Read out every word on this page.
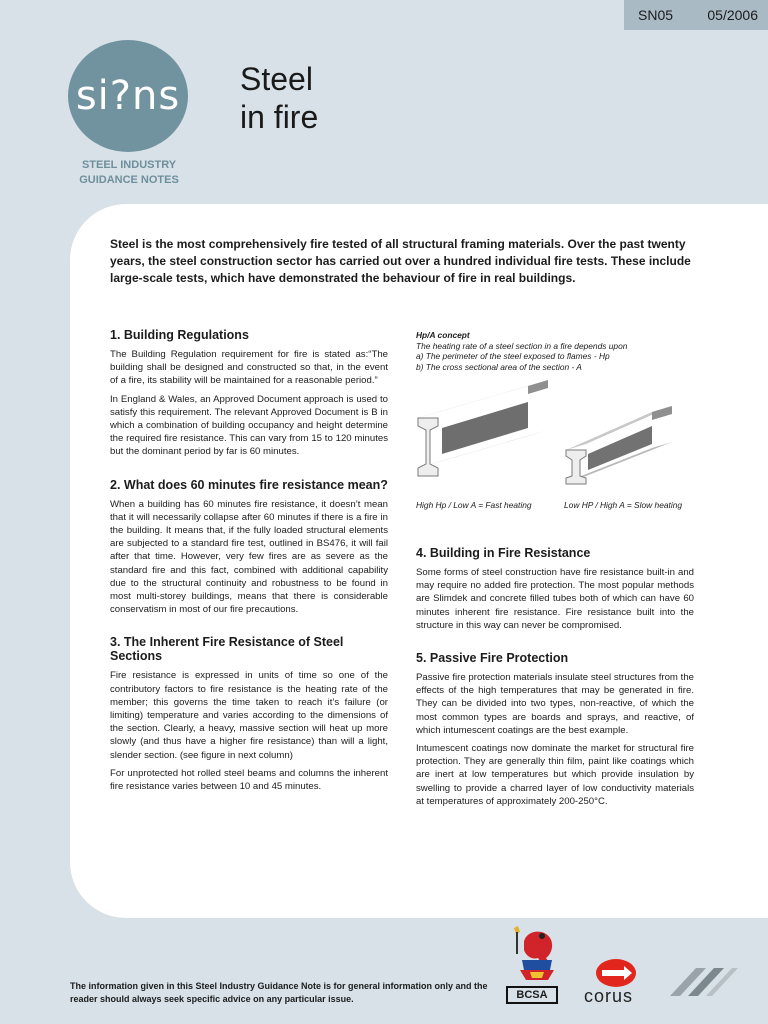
SN05 05/2006
si?ns
STEEL INDUSTRY
GUIDANCE NOTES
Steel
in fire
Steel is the most comprehensively fire tested of all structural framing materials. Over the past twenty years, the steel construction sector has carried out over a hundred individual fire tests. These include large-scale tests, which have demonstrated the behaviour of fire in real buildings.
1. Building Regulations

The Building Regulation requirement for fire is stated as:“The building shall be designed and constructed so that, in the event of a fire, its stability will be maintained for a reasonable period.”

In England & Wales, an Approved Document approach is used to satisfy this requirement. The relevant Approved Document is B in which a combination of building occupancy and height determine the required fire resistance. This can vary from 15 to 120 minutes but the dominant period by far is 60 minutes.

2. What does 60 minutes fire resistance mean?

When a building has 60 minutes fire resistance, it doesn’t mean that it will necessarily collapse after 60 minutes if there is a fire in the building. It means that, if the fully loaded structural elements are subjected to a standard fire test, outlined in BS476, it will fail after that time. However, very few fires are as severe as the standard fire and this fact, combined with additional capability due to the structural continuity and robustness to be found in most multi-storey buildings, means that there is considerable conservatism in most of our fire precautions.

3. The Inherent Fire Resistance of Steel Sections

Fire resistance is expressed in units of time so one of the contributory factors to fire resistance is the heating rate of the member; this governs the time taken to reach it’s failure (or limiting) temperature and varies according to the dimensions of the section. Clearly, a heavy, massive section will heat up more slowly (and thus have a higher fire resistance) than will a light, slender section. (see figure in next column)

For unprotected hot rolled steel beams and columns the inherent fire resistance varies between 10 and 45 minutes.

Hp/A concept
The heating rate of a steel section in a fire depends upon
a) The perimeter of the steel exposed to flames - Hp
b) The cross sectional area of the section - A
High Hp / Low A = Fast heating	Low HP / High A = Slow heating
4. Building in Fire Resistance

Some forms of steel construction have fire resistance built-in and may require no added fire protection. The most popular methods are Slimdek and concrete filled tubes both of which can have 60 minutes inherent fire resistance. Fire resistance built into the structure in this way can never be compromised.

5. Passive Fire Protection

Passive fire protection materials insulate steel structures from the effects of the high temperatures that may be generated in fire. They can be divided into two types, non-reactive, of which the most common types are boards and sprays, and reactive, of which intumescent coatings are the best example.

Intumescent coatings now dominate the market for structural fire protection. They are generally thin film, paint like coatings which are inert at low temperatures but which provide insulation by swelling to provide a charred layer of low conductivity materials at temperatures of approximately 200-250°C.

The information given in this Steel Industry Guidance Note is for general information only and the reader should always seek specific advice on any particular issue.	BCSA	corus
